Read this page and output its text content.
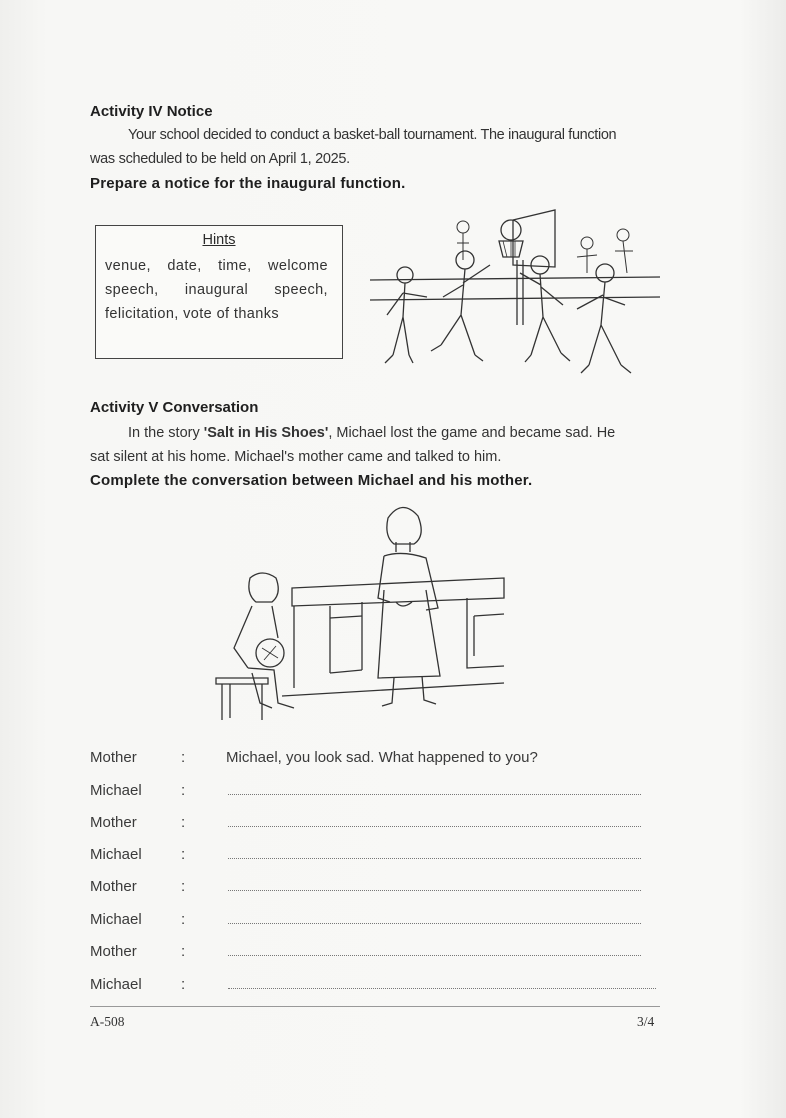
Activity IV Notice
Your school decided to conduct a basket-ball tournament. The inaugural function
was scheduled to be held on April 1, 2025.
Prepare a notice for the inaugural function.
Hints
venue, date, time, welcome speech, inaugural speech, felicitation, vote of thanks
Activity V Conversation
In the story 'Salt in His Shoes', Michael lost the game and became sad. He
sat silent at his home. Michael's mother came and talked to him.
Complete the conversation between Michael and his mother.
Mother	:	Michael, you look sad. What happened to you?
Michael	:
Mother	:
Michael	:
Mother	:
Michael	:
Mother	:
Michael	:
A-508	3/4
